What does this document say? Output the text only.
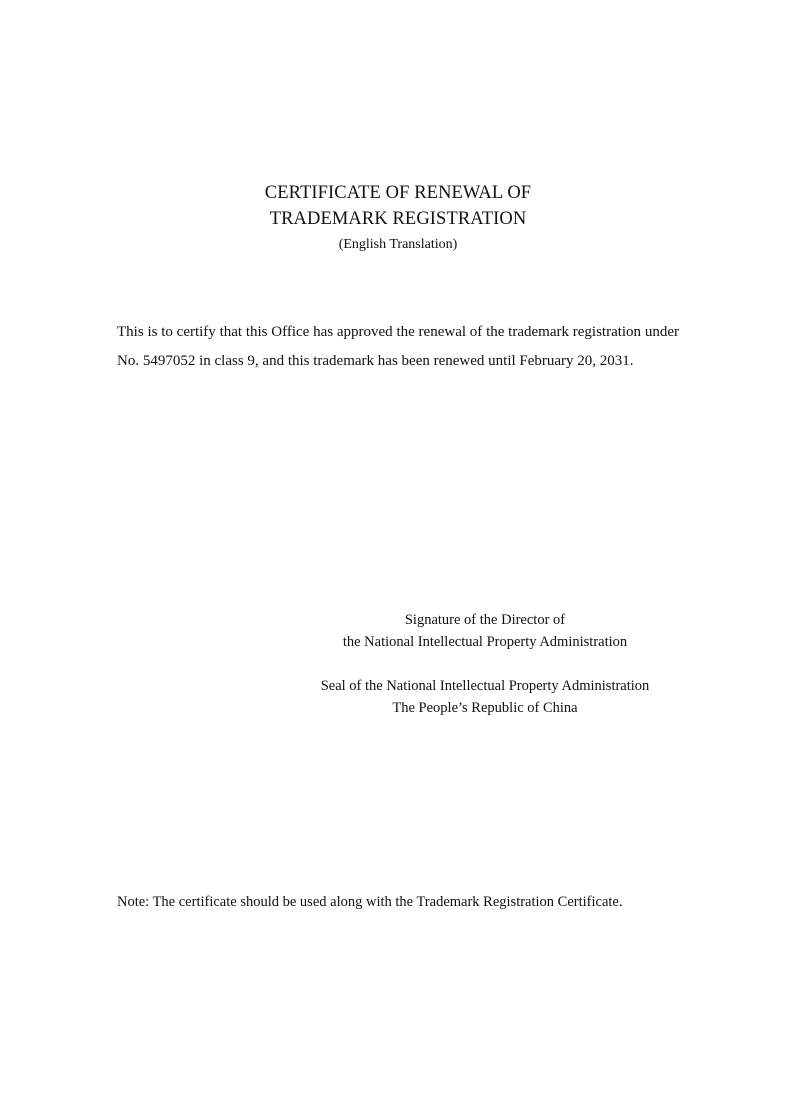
CERTIFICATE OF RENEWAL OF
TRADEMARK REGISTRATION
(English Translation)
This is to certify that this Office has approved the renewal of the trademark registration under No. 5497052 in class 9, and this trademark has been renewed until February 20, 2031.
Signature of the Director of
the National Intellectual Property Administration
Seal of the National Intellectual Property Administration
The People’s Republic of China
Note: The certificate should be used along with the Trademark Registration Certificate.
